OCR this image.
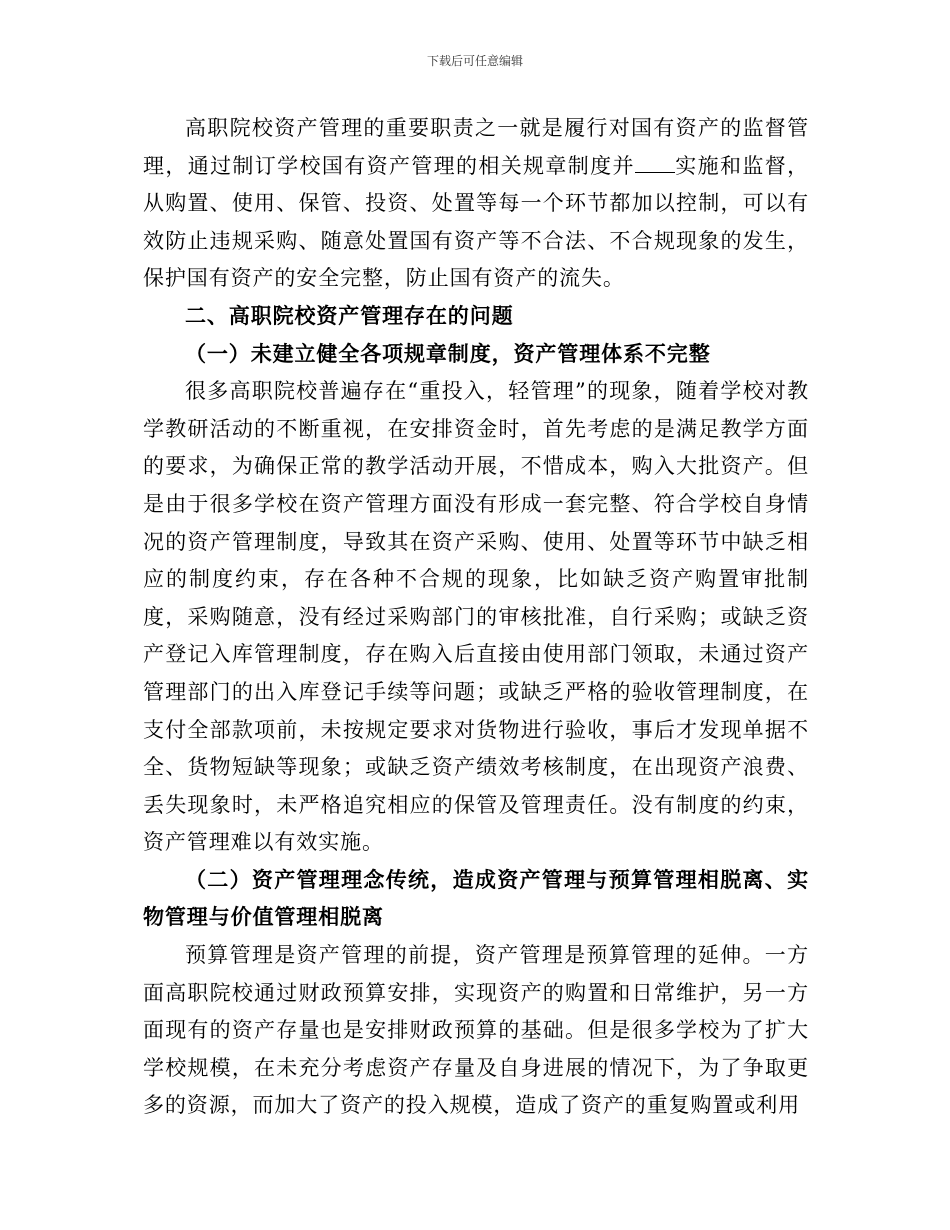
下载后可任意编辑

高职院校资产管理的重要职责之一就是履行对国有资产的监督管理，通过制订学校国有资产管理的相关规章制度并 实施和监督，从购置、使用、保管、投资、处置等每一个环节都加以控制，可以有效防止违规采购、随意处置国有资产等不合法、不合规现象的发生，保护国有资产的安全完整，防止国有资产的流失。

二、高职院校资产管理存在的问题

（一）未建立健全各项规章制度，资产管理体系不完整

很多高职院校普遍存在“重投入，轻管理”的现象，随着学校对教学教研活动的不断重视，在安排资金时，首先考虑的是满足教学方面的要求，为确保正常的教学活动开展，不惜成本，购入大批资产。但是由于很多学校在资产管理方面没有形成一套完整、符合学校自身情况的资产管理制度，导致其在资产采购、使用、处置等环节中缺乏相应的制度约束，存在各种不合规的现象，比如缺乏资产购置审批制度，采购随意，没有经过采购部门的审核批准，自行采购；或缺乏资产登记入库管理制度，存在购入后直接由使用部门领取，未通过资产管理部门的出入库登记手续等问题；或缺乏严格的验收管理制度，在支付全部款项前，未按规定要求对货物进行验收，事后才发现单据不全、货物短缺等现象；或缺乏资产绩效考核制度，在出现资产浪费、丢失现象时，未严格追究相应的保管及管理责任。没有制度的约束，资产管理难以有效实施。

（二）资产管理理念传统，造成资产管理与预算管理相脱离、实物管理与价值管理相脱离

预算管理是资产管理的前提，资产管理是预算管理的延伸。一方面高职院校通过财政预算安排，实现资产的购置和日常维护，另一方面现有的资产存量也是安排财政预算的基础。但是很多学校为了扩大学校规模，在未充分考虑资产存量及自身进展的情况下，为了争取更多的资源，而加大了资产的投入规模，造成了资产的重复购置或利用
